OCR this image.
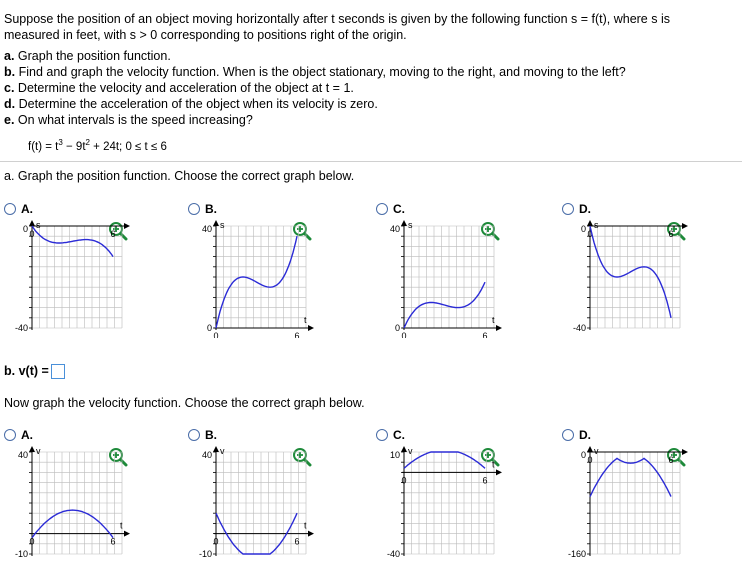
Suppose the position of an object moving horizontally after t seconds is given by the following function s = f(t), where s is
measured in feet, with s > 0 corresponding to positions right of the origin.
a. Graph the position function.
b. Find and graph the velocity function. When is the object stationary, moving to the right, and moving to the left?
c. Determine the velocity and acceleration of the object at t = 1.
d. Determine the acceleration of the object when its velocity is zero.
e. On what intervals is the speed increasing?
$f(t) = t^3 - 9t^2 + 24t$; 0 ≤ t ≤ 6
a. Graph the position function. Choose the correct graph below.
A.
s
0
-40
6
0
B.
s
40
0
6
0
t
C.
s
40
0
6
0
t
D.
s
0
-40
6
0
b. v(t) =
Now graph the velocity function. Choose the correct graph below.
A.
v
40
-10
6
0
t
B.
v
40
-10
6
0
t
C.
v
10
-40
6
0
t
D.
v
0
-160
6
0
